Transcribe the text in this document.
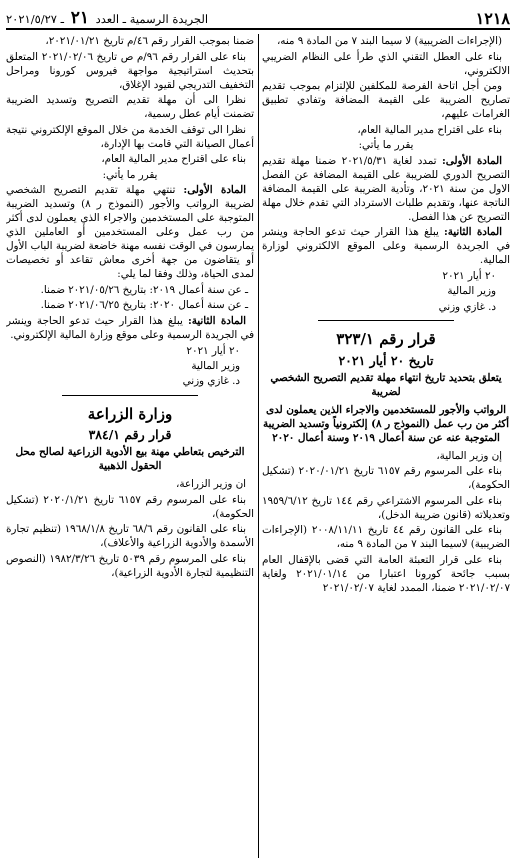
١٢١٨
الجريدة الرسمية ـ العدد ٢١ ـ ٢٠٢١/٥/٢٧

(الإجراءات الضريبية) لا سيما البند ٧ من المادة ٩ منه،

بناء على العطل التقني الذي طرأ على النظام الضريبي الالكتروني،

ومن أجل اتاحة الفرصة للمكلفين للإلتزام بموجب تقديم تصاريح الضريبة على القيمة المضافة وتفادي تطبيق الغرامات عليهم،

بناء على اقتراح مدير المالية العام،

يقرر ما يأتي:

المادة الأولى: تمدد لغاية ٢٠٢١/٥/٣١ ضمنا مهلة تقديم التصريح الدوري للضريبة على القيمة المضافة عن الفصل الاول من سنة ٢٠٢١، وتأدية الضريبة على القيمة المضافة الناتجة عنها، وتقديم طلبات الاسترداد التي تقدم خلال مهلة التصريح عن هذا الفصل.

المادة الثانية: يبلغ هذا القرار حيث تدعو الحاجة وينشر في الجريدة الرسمية وعلى الموقع الالكتروني لوزارة المالية.

٢٠ أيار ٢٠٢١
وزير المالية
د. غازي وزني
قرار رقم ٣٢٣/١
تاريخ ٢٠ أيار ٢٠٢١

يتعلق بتحديد تاريخ انتهاء مهلة تقديم التصريح الشخصي لضريبة

الرواتب والأجور للمستخدمين والاجراء الذين يعملون لدى أكثر من رب عمل (النموذج ر ٨) إلكترونياً وتسديد الضريبة المتوجبة عنه عن سنة أعمال ٢٠١٩ وسنة أعمال ٢٠٢٠

إن وزير المالية،

بناء على المرسوم رقم ٦١٥٧ تاريخ ٢٠٢٠/٠١/٢١ (تشكيل الحكومة)،

بناء على المرسوم الاشتراعي رقم ١٤٤ تاريخ ١٩٥٩/٦/١٢ وتعديلاته (قانون ضريبة الدخل)،

بناء على القانون رقم ٤٤ تاريخ ٢٠٠٨/١١/١١ (الإجراءات الضريبية) لاسيما البند ٧ من المادة ٩ منه،

بناء على قرار التعبئة العامة التي قضى بالإقفال العام بسبب جائحة كورونا اعتبارا من ٢٠٢١/٠١/١٤ ولغاية ٢٠٢١/٠٢/٠٧ ضمنا، الممدد لغاية ٢٠٢١/٠٢/٠٧

ضمنا بموجب القرار رقم ٤٦/م تاريخ ٢٠٢١/٠١/٢١،

بناء على القرار رقم ٩٦/م ص تاريخ ٢٠٢١/٠٢/٠٦ المتعلق بتحديث استراتيجية مواجهة فيروس كورونا ومراحل التخفيف التدريجي لقيود الإغلاق،

نظرا الى أن مهلة تقديم التصريح وتسديد الضريبة تضمنت أيام عطل رسمية،

نظرا الى توقف الخدمة من خلال الموقع الإلكتروني نتيجة أعمال الصيانة التي قامت بها الإدارة،

بناء على اقتراح مدير المالية العام،

يقرر ما يأتي:

المادة الأولى: تنتهي مهلة تقديم التصريح الشخصي لضريبة الرواتب والأجور (النموذج ر ٨) وتسديد الضريبة المتوجبة على المستخدمين والاجراء الذي يعملون لدى أكثر من رب عمل وعلى المستخدمين أو العاملين الذي يمارسون في الوقت نفسه مهنة خاضعة لضريبة الباب الأول أو يتقاضون من جهة أخرى معاش تقاعد أو تخصيصات لمدى الحياة، وذلك وفقا لما يلي:

ـ عن سنة أعمال ٢٠١٩: بتاريخ ٢٠٢١/٠٥/٢٦ ضمنا.

ـ عن سنة أعمال ٢٠٢٠: بتاريخ ٢٠٢١/٠٦/٢٥ ضمنا.

المادة الثانية: يبلغ هذا القرار حيث تدعو الحاجة وينشر في الجريدة الرسمية وعلى موقع وزارة المالية الإلكتروني.

٢٠ أيار ٢٠٢١
وزير المالية
د. غازي وزني
وزارة الزراعة
قرار رقم ٣٨٤/١

الترخيص بتعاطي مهنة بيع الأدوية الزراعية لصالح محل الحقول الذهبية

ان وزير الزراعة،

بناء على المرسوم رقم ٦١٥٧ تاريخ ٢٠٢٠/١/٢١ (تشكيل الحكومة)،

بناء على القانون رقم ٦٨/٦ تاريخ ١٩٦٨/١/٨ (تنظيم تجارة الأسمدة والأدوية الزراعية والأعلاف)،

بناء على المرسوم رقم ٥٠٣٩ تاريخ ١٩٨٢/٣/٢٦ (النصوص التنظيمية لتجارة الأدوية الزراعية)،
